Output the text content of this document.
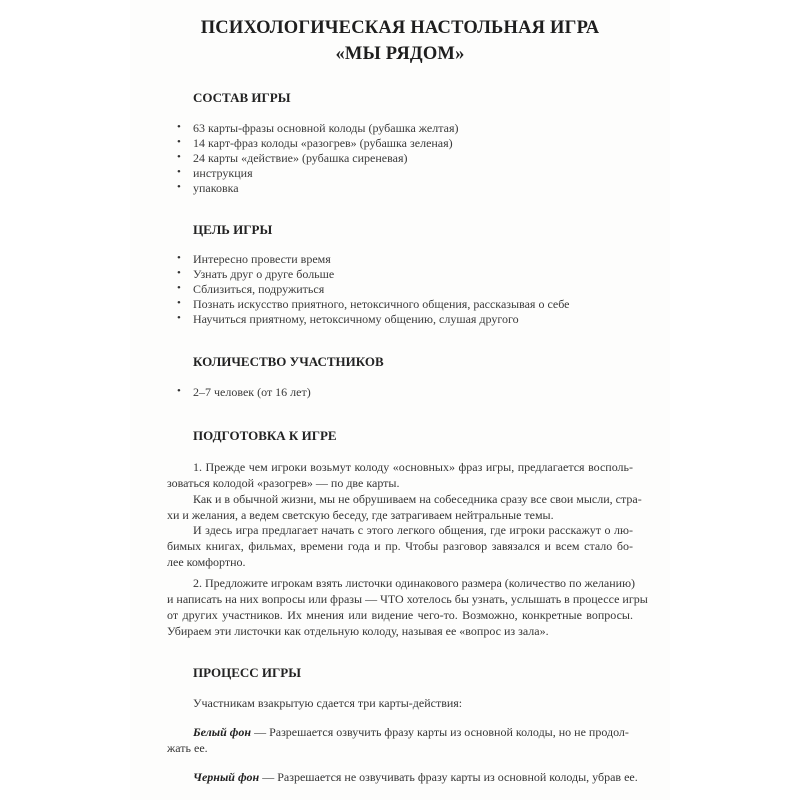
ПСИХОЛОГИЧЕСКАЯ НАСТОЛЬНАЯ ИГРА
«МЫ РЯДОМ»
СОСТАВ ИГРЫ
• 63 карты-фразы основной колоды (рубашка желтая)
• 14 карт-фраз колоды «разогрев» (рубашка зеленая)
• 24 карты «действие» (рубашка сиреневая)
• инструкция
• упаковка
ЦЕЛЬ ИГРЫ
• Интересно провести время
• Узнать друг о друге больше
• Сблизиться, подружиться
• Познать искусство приятного, нетоксичного общения, рассказывая о себе
• Научиться приятному, нетоксичному общению, слушая другого
КОЛИЧЕСТВО УЧАСТНИКОВ
• 2–7 человек (от 16 лет)
ПОДГОТОВКА К ИГРЕ
1. Прежде чем игроки возьмут колоду «основных» фраз игры, предлагается восполь-
зоваться колодой «разогрев» — по две карты.
Как и в обычной жизни, мы не обрушиваем на собеседника сразу все свои мысли, стра-
хи и желания, а ведем светскую беседу, где затрагиваем нейтральные темы.
И здесь игра предлагает начать с этого легкого общения, где игроки расскажут о лю-
бимых книгах, фильмах, времени года и пр. Чтобы разговор завязался и всем стало бо-
лее комфортно.
2. Предложите игрокам взять листочки одинакового размера (количество по желанию)
и написать на них вопросы или фразы — ЧТО хотелось бы узнать, услышать в процессе игры
от других участников. Их мнения или видение чего-то. Возможно, конкретные вопросы.
Убираем эти листочки как отдельную колоду, называя ее «вопрос из зала».
ПРОЦЕСС ИГРЫ
Участникам взакрытую сдается три карты-действия:
Белый фон — Разрешается озвучить фразу карты из основной колоды, но не продол-
жать ее.
Черный фон — Разрешается не озвучивать фразу карты из основной колоды, убрав ее.
